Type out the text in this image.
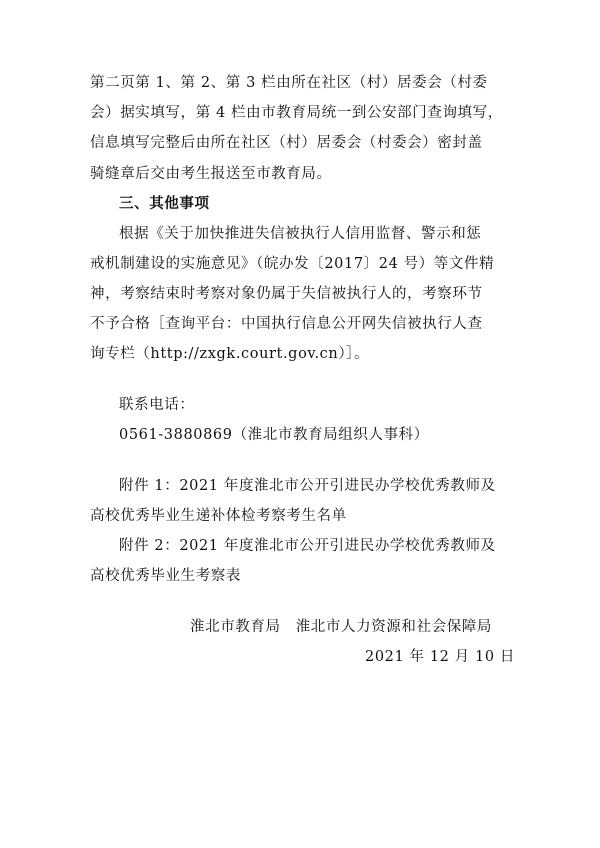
第二页第 1、第 2、第 3 栏由所在社区（村）居委会（村委
会）据实填写，第 4 栏由市教育局统一到公安部门查询填写，
信息填写完整后由所在社区（村）居委会（村委会）密封盖
骑缝章后交由考生报送至市教育局。
三、其他事项
根据《关于加快推进失信被执行人信用监督、警示和惩
戒机制建设的实施意见》（皖办发〔2017〕24 号）等文件精
神，考察结束时考察对象仍属于失信被执行人的，考察环节
不予合格［查询平台：中国执行信息公开网失信被执行人查
询专栏（http://zxgk.court.gov.cn）］。
联系电话：
0561-3880869（淮北市教育局组织人事科）
附件 1：2021 年度淮北市公开引进民办学校优秀教师及
高校优秀毕业生递补体检考察考生名单
附件 2：2021 年度淮北市公开引进民办学校优秀教师及
高校优秀毕业生考察表
淮北市教育局　淮北市人力资源和社会保障局
2021 年 12 月 10 日
